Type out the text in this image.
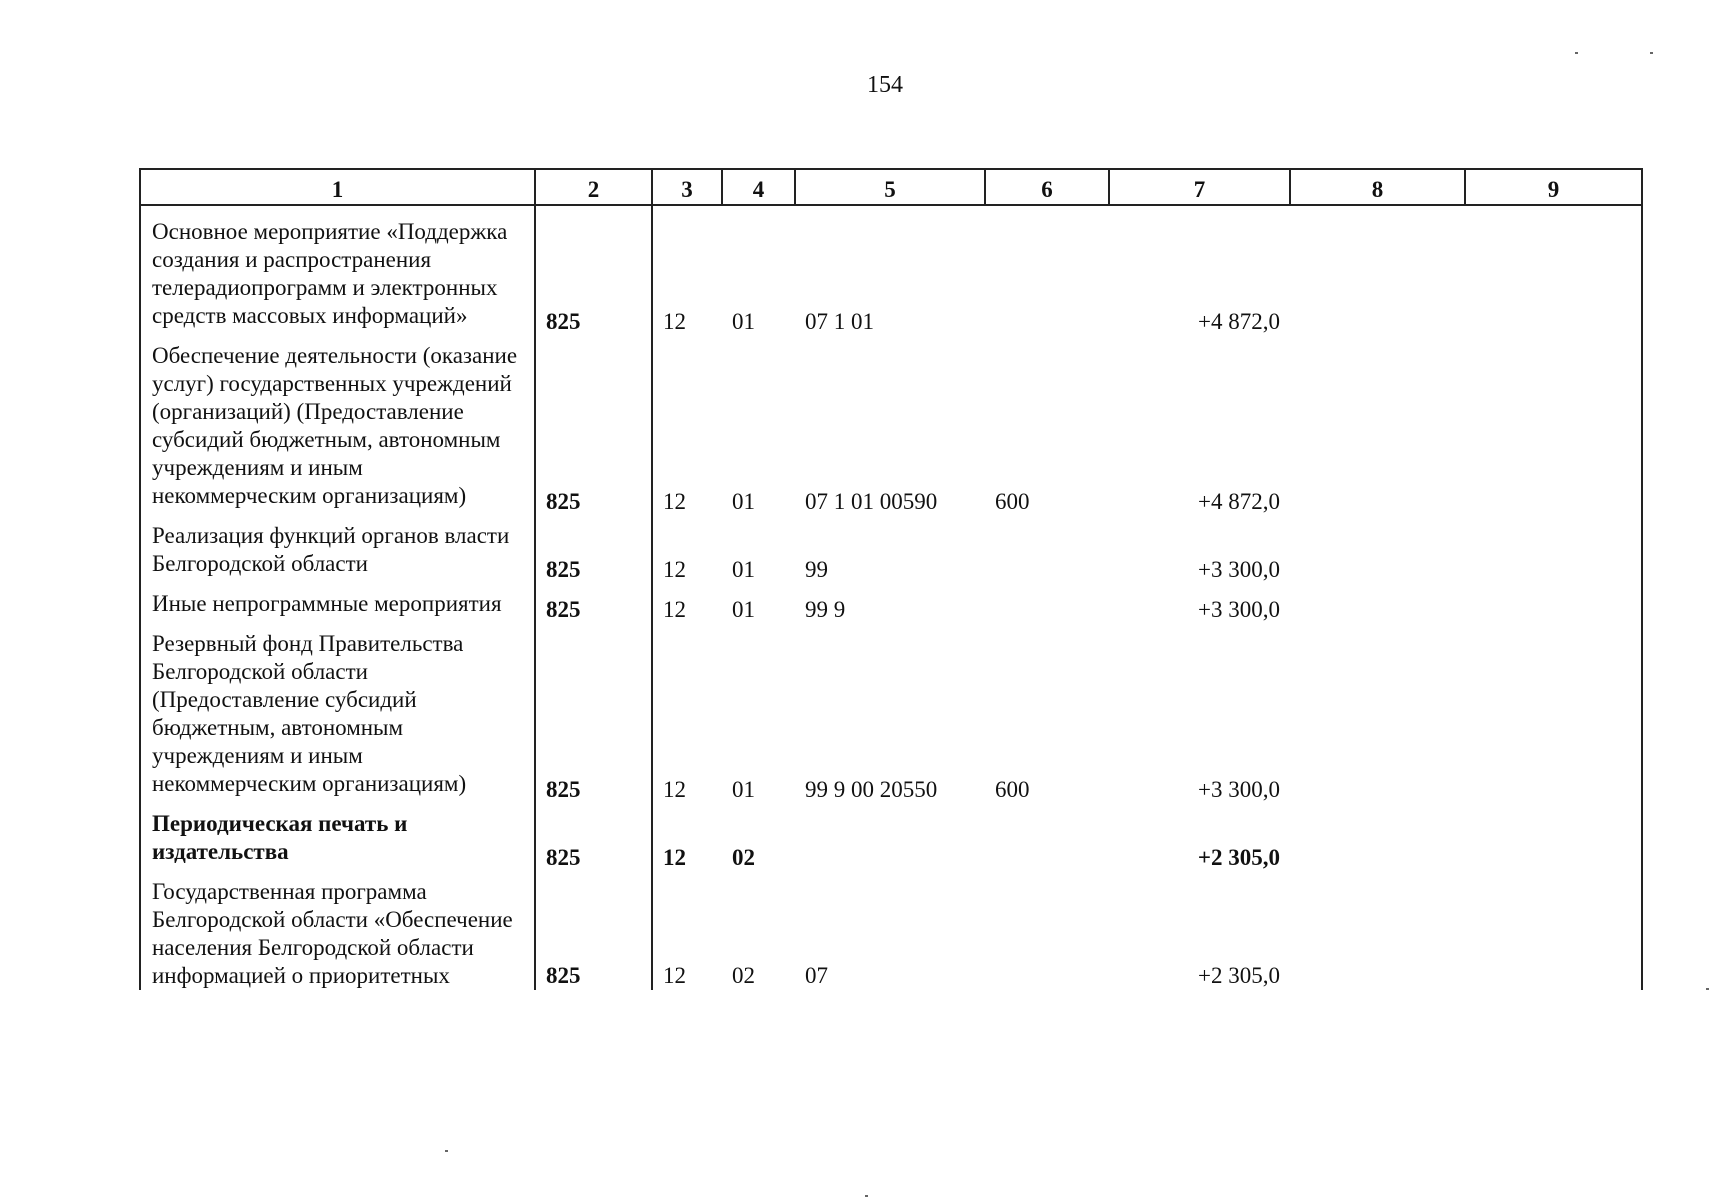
154
1	2	3	4	5	6	7	8	9
Основное мероприятие «Поддержка создания и распространения телерадиопрограмм и электронных средств массовых информаций»	825	12	01	07 1 01		+4 872,0		
Обеспечение деятельности (оказание услуг) государственных учреждений (организаций) (Предоставление субсидий бюджетным, автономным учреждениям и иным некоммерческим организациям)	825	12	01	07 1 01 00590	600	+4 872,0		
Реализация функций органов власти Белгородской области	825	12	01	99		+3 300,0		
Иные непрограммные мероприятия	825	12	01	99 9		+3 300,0		
Резервный фонд Правительства Белгородской области (Предоставление субсидий бюджетным, автономным учреждениям и иным некоммерческим организациям)	825	12	01	99 9 00 20550	600	+3 300,0		
Периодическая печать и издательства	825	12	02			+2 305,0		
Государственная программа Белгородской области «Обеспечение населения Белгородской области информацией о приоритетных	825	12	02	07		+2 305,0		
